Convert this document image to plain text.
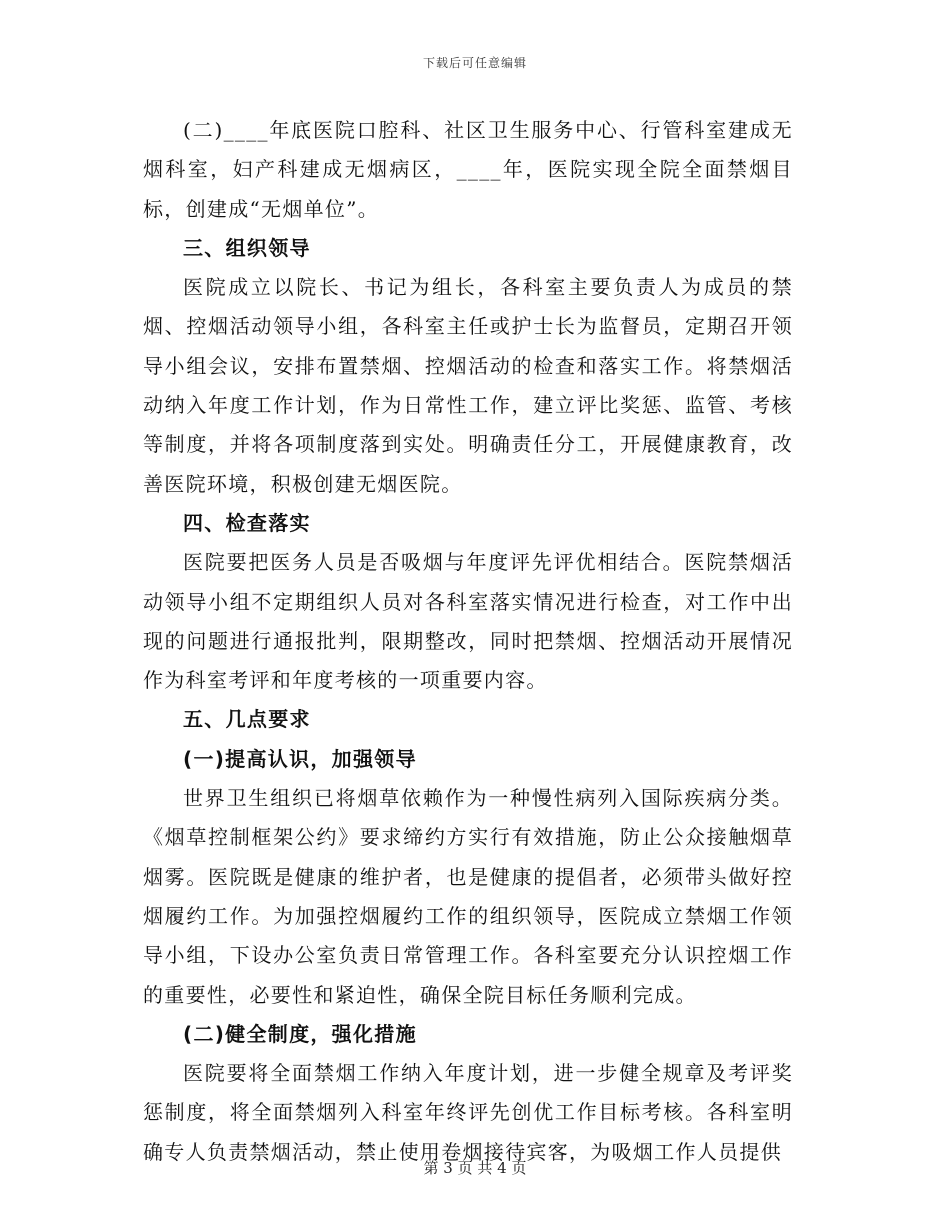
下载后可任意编辑

(二)____年底医院口腔科、社区卫生服务中心、行管科室建成无烟科室，妇产科建成无烟病区，____年，医院实现全院全面禁烟目标，创建成“无烟单位”。

三、组织领导

医院成立以院长、书记为组长，各科室主要负责人为成员的禁烟、控烟活动领导小组，各科室主任或护士长为监督员，定期召开领导小组会议，安排布置禁烟、控烟活动的检查和落实工作。将禁烟活动纳入年度工作计划，作为日常性工作，建立评比奖惩、监管、考核等制度，并将各项制度落到实处。明确责任分工，开展健康教育，改善医院环境，积极创建无烟医院。

四、检查落实

医院要把医务人员是否吸烟与年度评先评优相结合。医院禁烟活动领导小组不定期组织人员对各科室落实情况进行检查，对工作中出现的问题进行通报批判，限期整改，同时把禁烟、控烟活动开展情况作为科室考评和年度考核的一项重要内容。

五、几点要求

(一)提高认识，加强领导

世界卫生组织已将烟草依赖作为一种慢性病列入国际疾病分类。《烟草控制框架公约》要求缔约方实行有效措施，防止公众接触烟草烟雾。医院既是健康的维护者，也是健康的提倡者，必须带头做好控烟履约工作。为加强控烟履约工作的组织领导，医院成立禁烟工作领导小组，下设办公室负责日常管理工作。各科室要充分认识控烟工作的重要性，必要性和紧迫性，确保全院目标任务顺利完成。

(二)健全制度，强化措施

医院要将全面禁烟工作纳入年度计划，进一步健全规章及考评奖惩制度，将全面禁烟列入科室年终评先创优工作目标考核。各科室明确专人负责禁烟活动，禁止使用卷烟接待宾客，为吸烟工作人员提供

第 3 页 共 4 页
